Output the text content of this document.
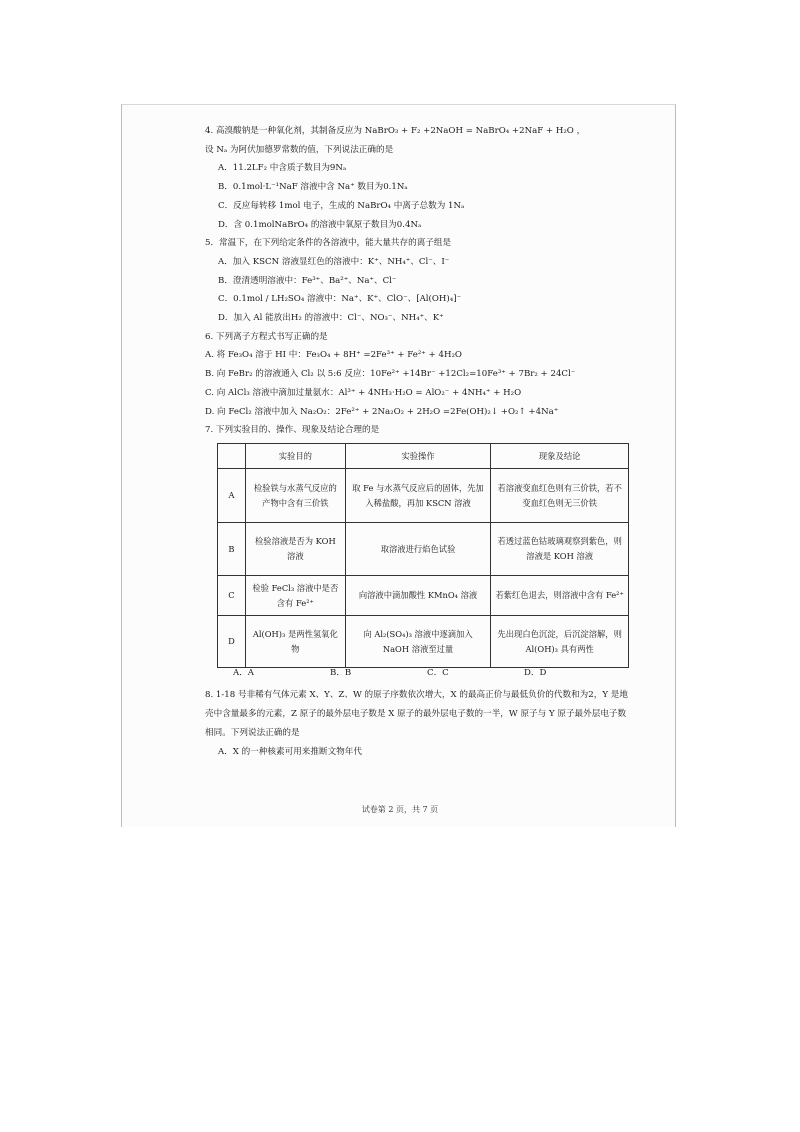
4. 高溴酸钠是一种氧化剂，其制备反应为 NaBrO₃ + F₂ +2NaOH = NaBrO₄ +2NaF + H₂O ，
设 Nₐ 为阿伏加德罗常数的值，下列说法正确的是
A．11.2LF₂ 中含质子数目为9Nₐ
B．0.1mol·L⁻¹NaF 溶液中含 Na⁺ 数目为0.1Nₐ
C．反应每转移 1mol 电子，生成的 NaBrO₄ 中离子总数为 1Nₐ
D．含 0.1molNaBrO₄ 的溶液中氧原子数目为0.4Nₐ
5．常温下，在下列给定条件的各溶液中，能大量共存的离子组是
A．加入 KSCN 溶液显红色的溶液中：K⁺、NH₄⁺、Cl⁻、I⁻
B．澄清透明溶液中：Fe³⁺、Ba²⁺、Na⁺、Cl⁻
C．0.1mol / LH₂SO₄ 溶液中：Na⁺、K⁺、ClO⁻、[Al(OH)₄]⁻
D．加入 Al 能放出H₂ 的溶液中：Cl⁻、NO₃⁻、NH₄⁺、K⁺
6. 下列离子方程式书写正确的是
A. 将 Fe₃O₄ 溶于 HI 中：Fe₃O₄ + 8H⁺ =2Fe³⁺ + Fe²⁺ + 4H₂O
B. 向 FeBr₂ 的溶液通入 Cl₂ 以 5:6 反应：10Fe²⁺ +14Br⁻ +12Cl₂=10Fe³⁺ + 7Br₂ + 24Cl⁻
C. 向 AlCl₃ 溶液中滴加过量氨水：Al³⁺ + 4NH₃·H₂O = AlO₂⁻ + 4NH₄⁺ + H₂O
D. 向 FeCl₂ 溶液中加入 Na₂O₂：2Fe²⁺ + 2Na₂O₂ + 2H₂O =2Fe(OH)₂↓ +O₂↑ +4Na⁺
7. 下列实验目的、操作、现象及结论合理的是
	实验目的	实验操作	现象及结论
A	检验铁与水蒸气反应的产物中含有三价铁	取 Fe 与水蒸气反应后的固体，先加入稀盐酸，再加 KSCN 溶液	若溶液变血红色则有三价铁，若不变血红色则无三价铁
B	检验溶液是否为 KOH 溶液	取溶液进行焰色试验	若透过蓝色钴玻璃观察到紫色，则溶液是 KOH 溶液
C	检验 FeCl₃ 溶液中是否含有 Fe²⁺	向溶液中滴加酸性 KMnO₄ 溶液	若紫红色退去，则溶液中含有 Fe²⁺
D	Al(OH)₃ 是两性氢氧化物	向 Al₂(SO₄)₃ 溶液中逐滴加入 NaOH 溶液至过量	先出现白色沉淀，后沉淀溶解，则 Al(OH)₃ 具有两性
A．A	B．B	C．C	D．D
8. 1-18 号非稀有气体元素 X、Y、Z、W 的原子序数依次增大，X 的最高正价与最低负价的代数和为2，Y 是地壳中含量最多的元素，Z 原子的最外层电子数是 X 原子的最外层电子数的一半，W 原子与 Y 原子最外层电子数相同。下列说法正确的是
A．X 的一种核素可用来推断文物年代
试卷第 2 页，共 7 页
